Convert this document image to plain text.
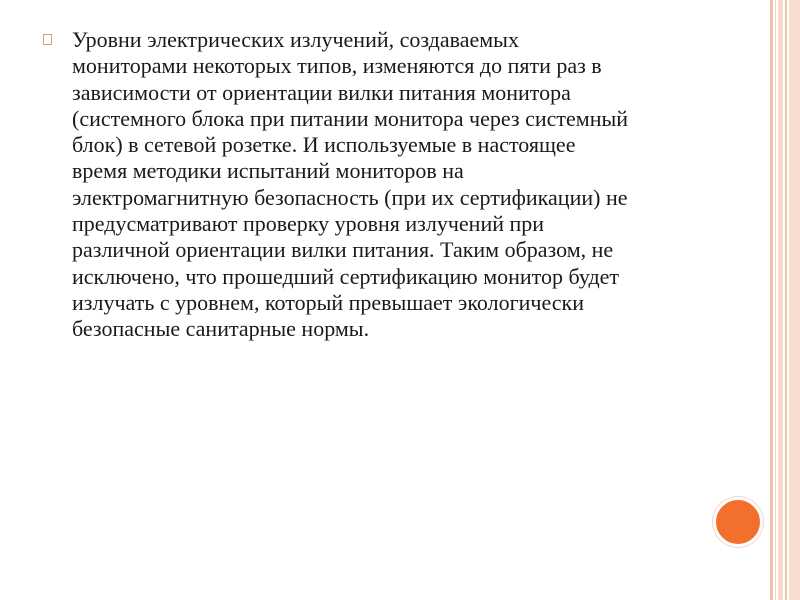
Уровни электрических излучений, создаваемых
мониторами некоторых типов, изменяются до пяти раз в
зависимости от ориентации вилки питания монитора
(системного блока при питании монитора через системный
блок) в сетевой розетке. И используемые в настоящее
время методики испытаний мониторов на
электромагнитную безопасность (при их сертификации) не
предусматривают проверку уровня излучений при
различной ориентации вилки питания. Таким образом, не
исключено, что прошедший сертификацию монитор будет
излучать с уровнем, который превышает экологически
безопасные санитарные нормы.
